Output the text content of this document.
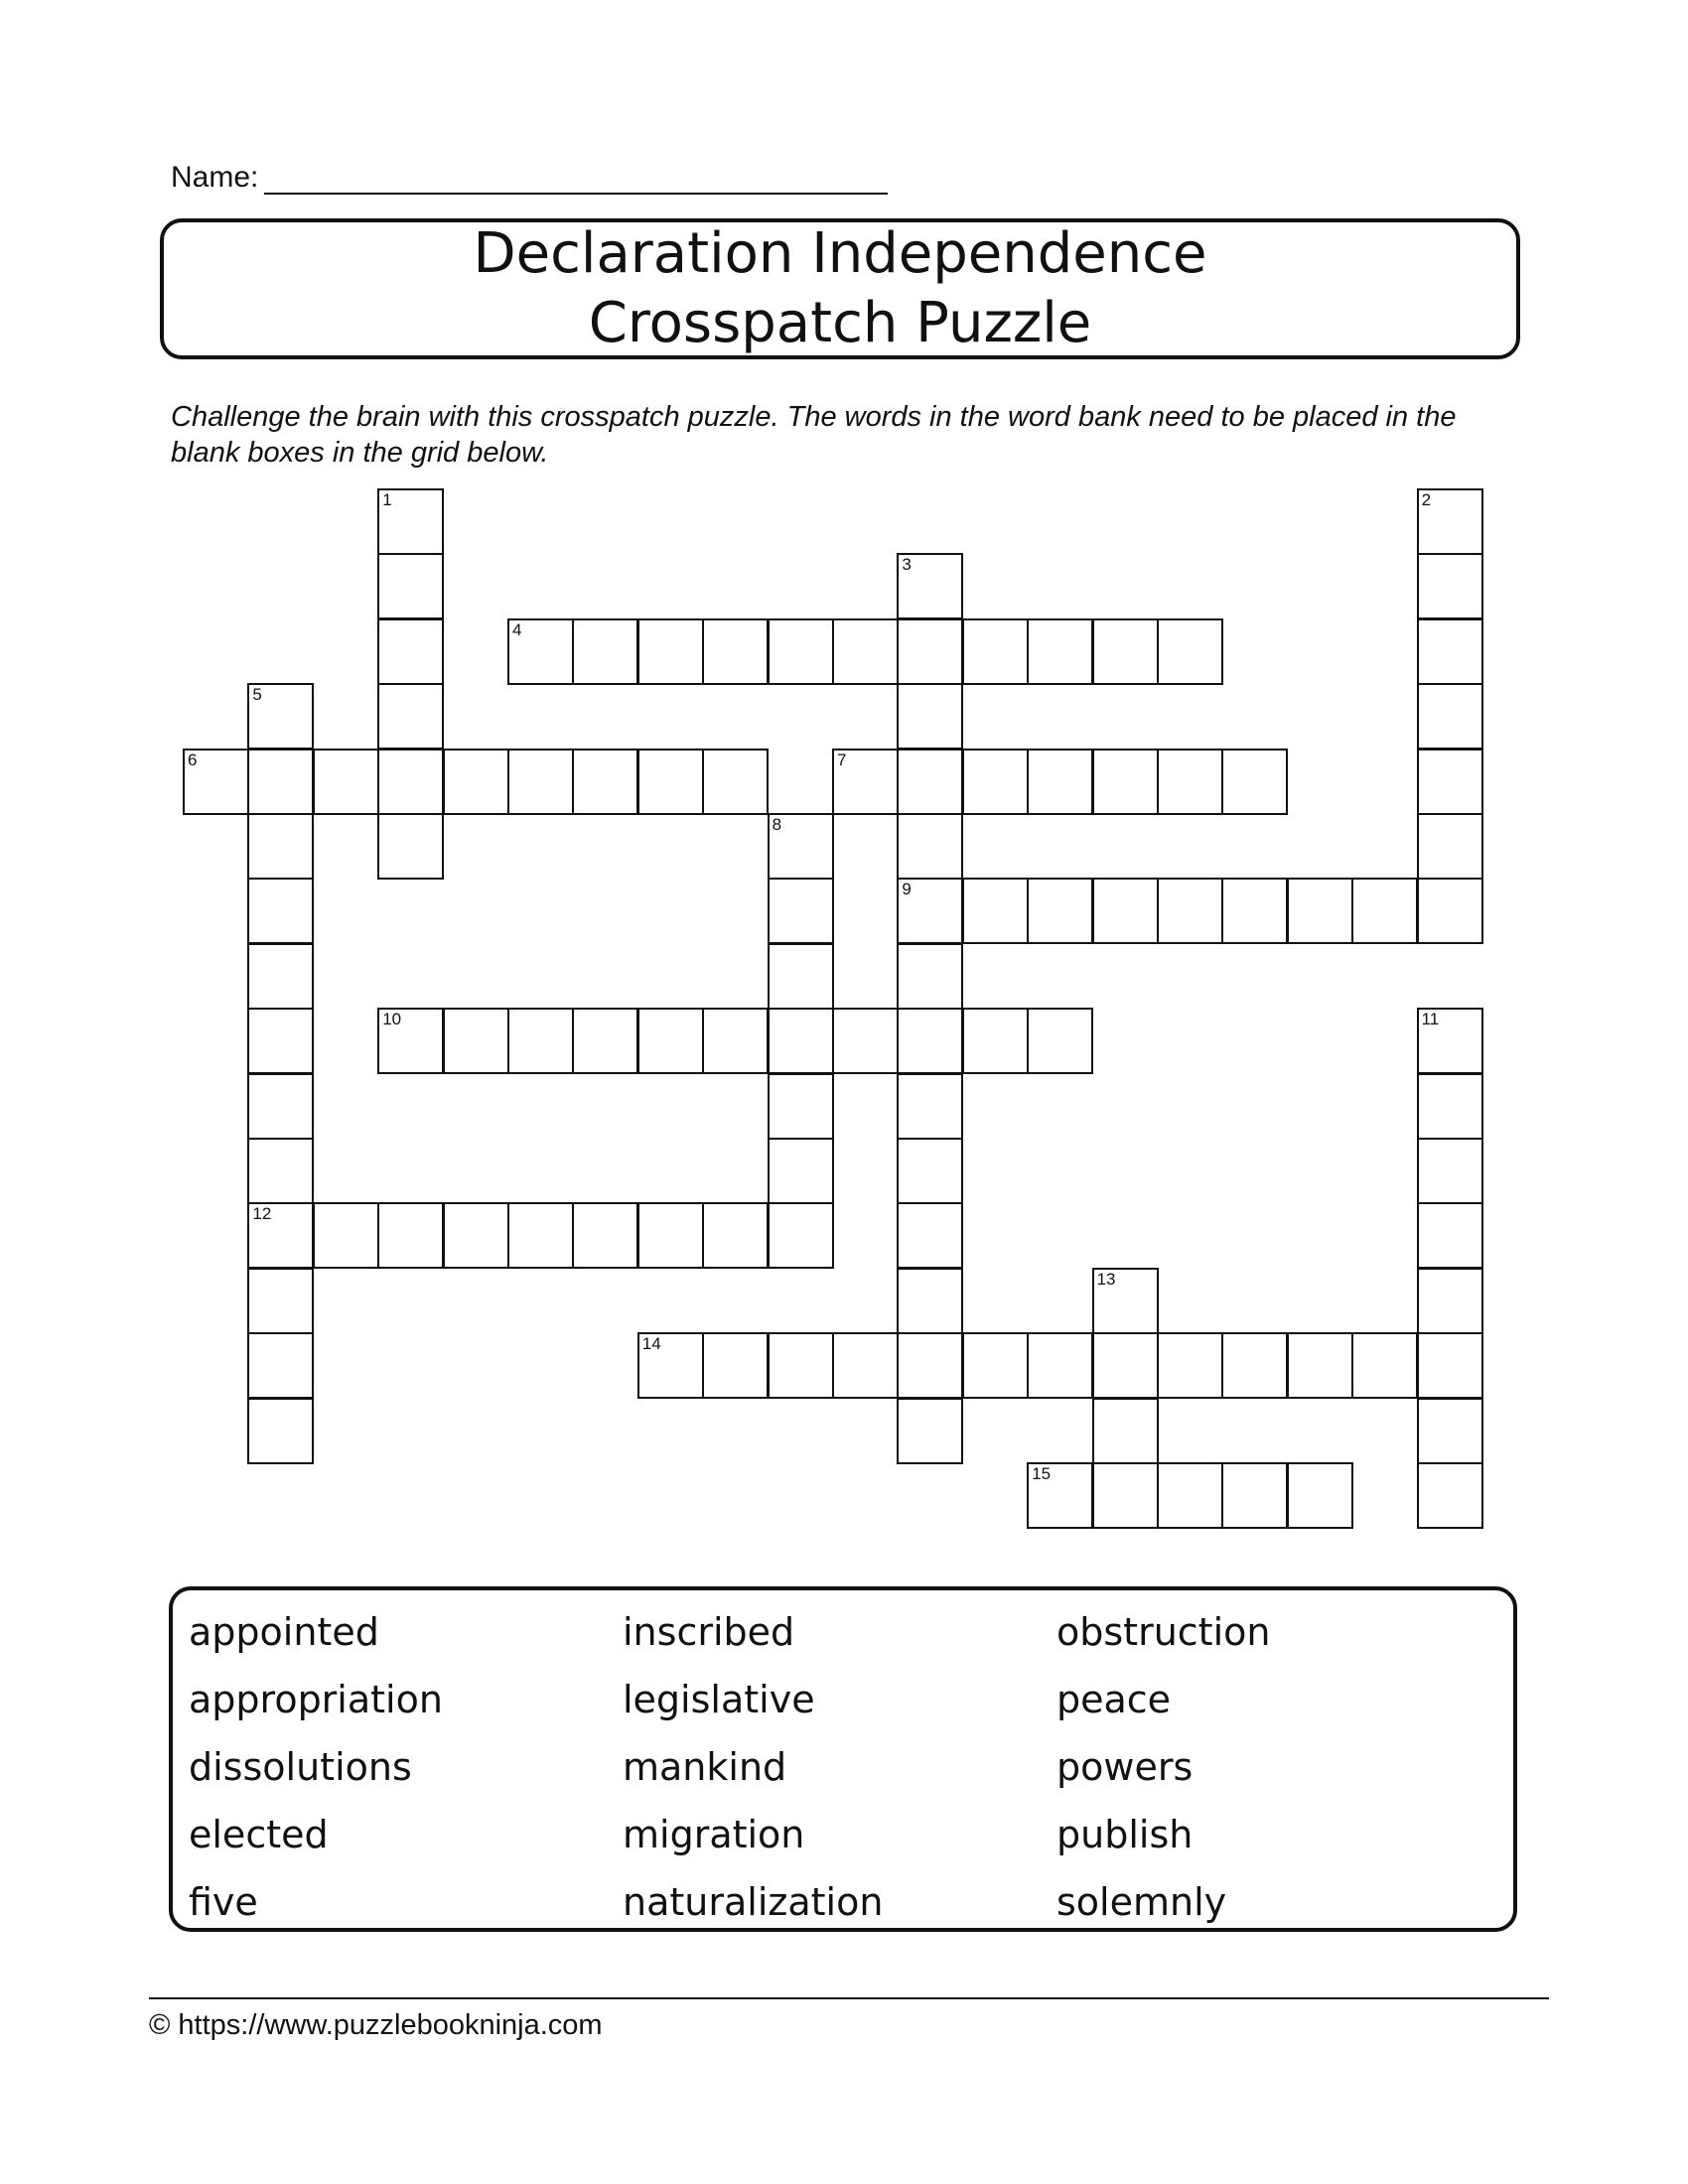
Name:
Declaration Independence
Crosspatch Puzzle
Challenge the brain with this crosspatch puzzle. The words in the word bank need to be placed in the blank boxes in the grid below.
1	2
3
9
4
5
12
6	7
8
10	11
13
14
15
appointed
appropriation
dissolutions
elected
five
inscribed
legislative
mankind
migration
naturalization
obstruction
peace
powers
publish
solemnly
© https://www.puzzlebookninja.com
